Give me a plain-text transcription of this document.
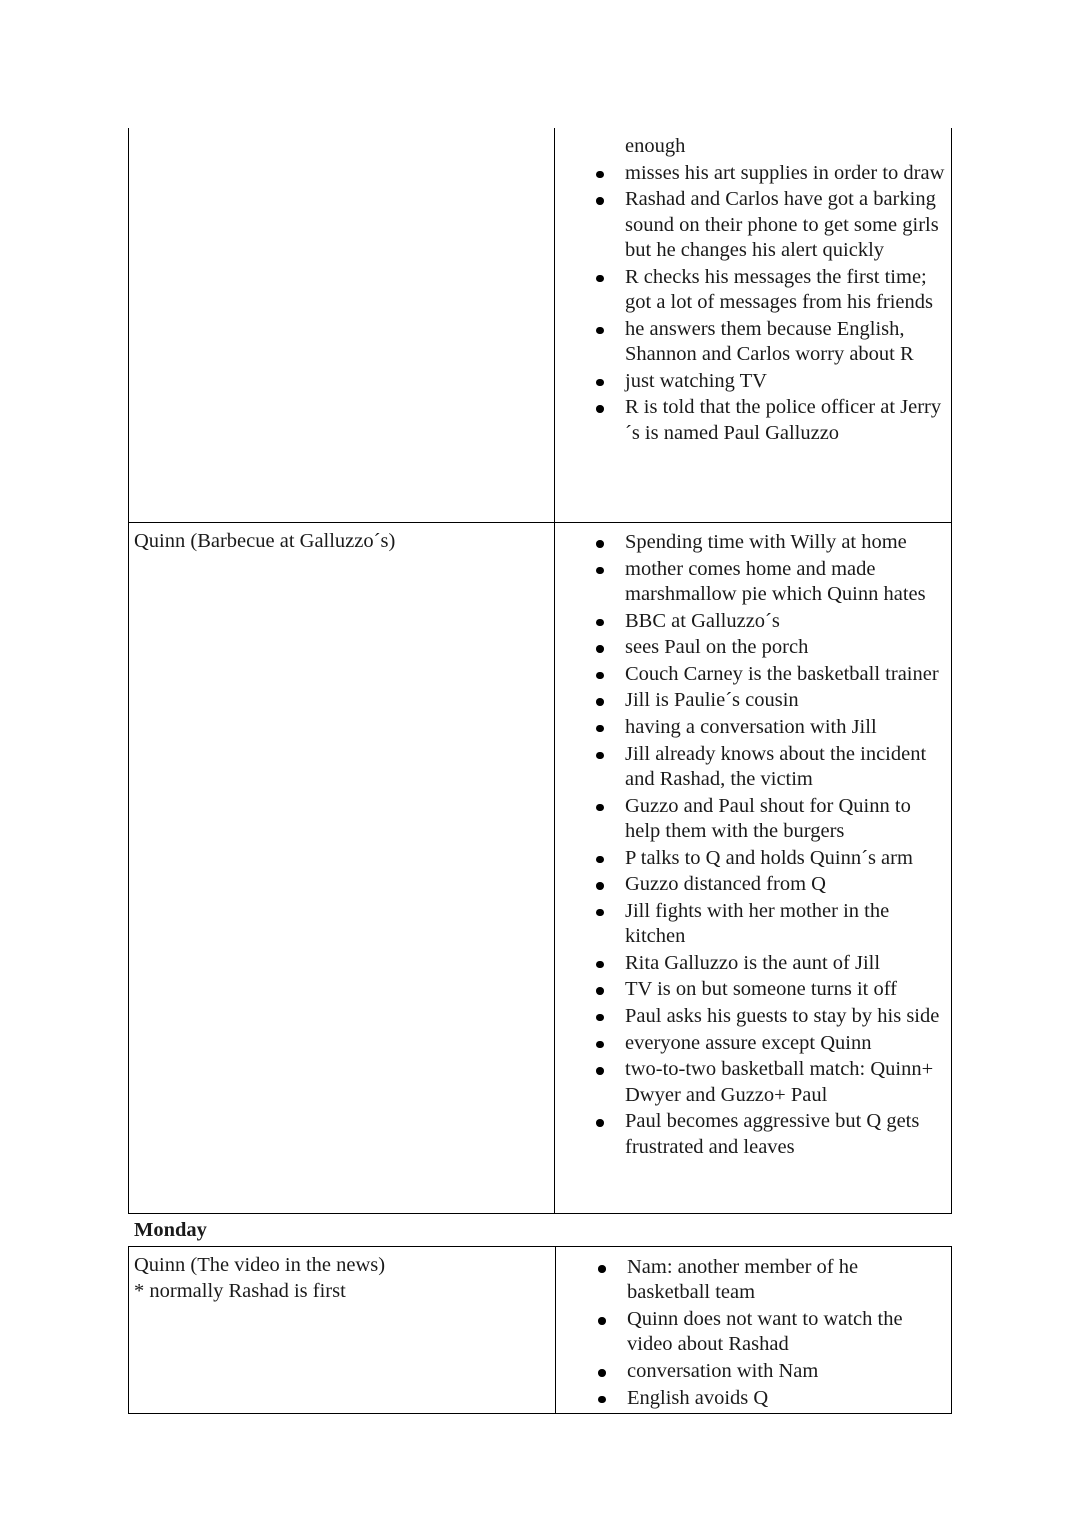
enough
misses his art supplies in order to draw
Rashad and Carlos have got a barking sound on their phone to get some girls but he changes his alert quickly
R checks his messages the first time; got a lot of messages from his friends
he answers them because English, Shannon and Carlos worry about R
just watching TV
R is told that the police officer at Jerry´s is named Paul Galluzzo
Quinn (Barbecue at Galluzzo´s)	Spending time with Willy at home
mother comes home and made marshmallow pie which Quinn hates
BBC at Galluzzo´s
sees Paul on the porch
Couch Carney is the basketball trainer
Jill is Paulie´s cousin
having a conversation with Jill
Jill already knows about the incident and Rashad, the victim
Guzzo and Paul shout for Quinn to help them with the burgers
P talks to Q and holds Quinn´s arm
Guzzo distanced from Q
Jill fights with her mother in the kitchen
Rita Galluzzo is the aunt of Jill
TV is on but someone turns it off
Paul asks his guests to stay by his side
everyone assure except Quinn
two-to-two basketball match: Quinn+ Dwyer and Guzzo+ Paul
Paul becomes aggressive but Q gets frustrated and leaves
Monday
Quinn (The video in the news)
* normally Rashad is first
Nam: another member of he basketball team
Quinn does not want to watch the video about Rashad
conversation with Nam
English avoids Q
